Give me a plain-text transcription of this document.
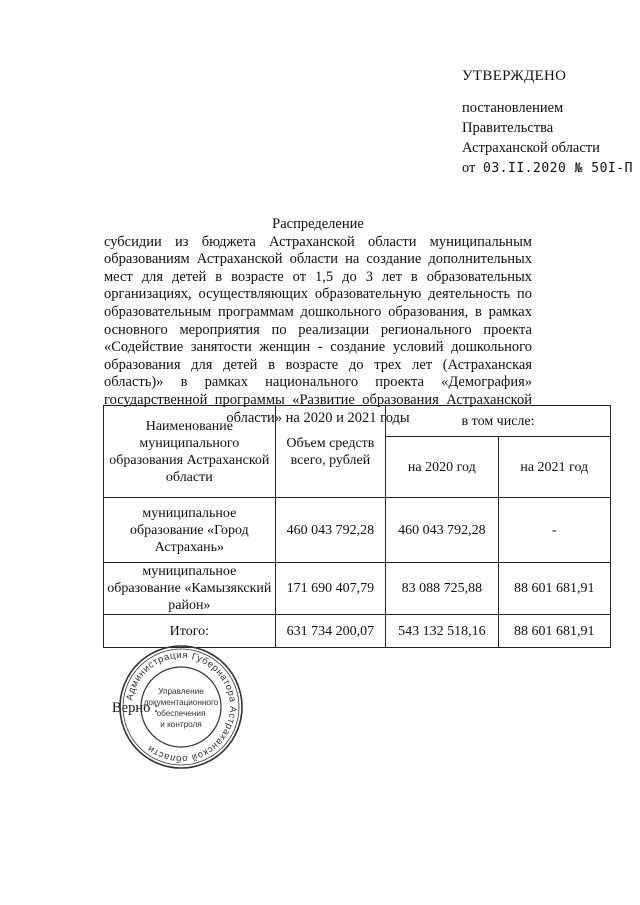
УТВЕРЖДЕНО
постановлением
Правительства
Астраханской области
от 03.II.2020 № 50I-П
Распределение
субсидии из бюджета Астраханской области муниципальным образованиям Астраханской области на создание дополнительных мест для детей в возрасте от 1,5 до 3 лет в образовательных организациях, осуществляющих образовательную деятельность по образовательным программам дошкольного образования, в рамках основного мероприятия по реализации регионального проекта «Содействие занятости женщин - создание условий дошкольного образования для детей в возрасте до трех лет (Астраханская область)» в рамках национального проекта «Демография» государственной программы «Развитие образования Астраханской области» на 2020 и 2021 годы
Наименование муниципального образования Астраханской области	Объем средств всего, рублей	в том числе:	
		на 2020 год	на 2021 год
муниципальное образование «Город Астрахань»	460 043 792,28	460 043 792,28	-
муниципальное образование «Камызякский район»	171 690 407,79	83 088 725,88	88 601 681,91
Итого:	631 734 200,07	543 132 518,16	88 601 681,91
Верно :
Администрация Губернатора Астраханской области
Управление
документационного
обеспечения
и контроля
